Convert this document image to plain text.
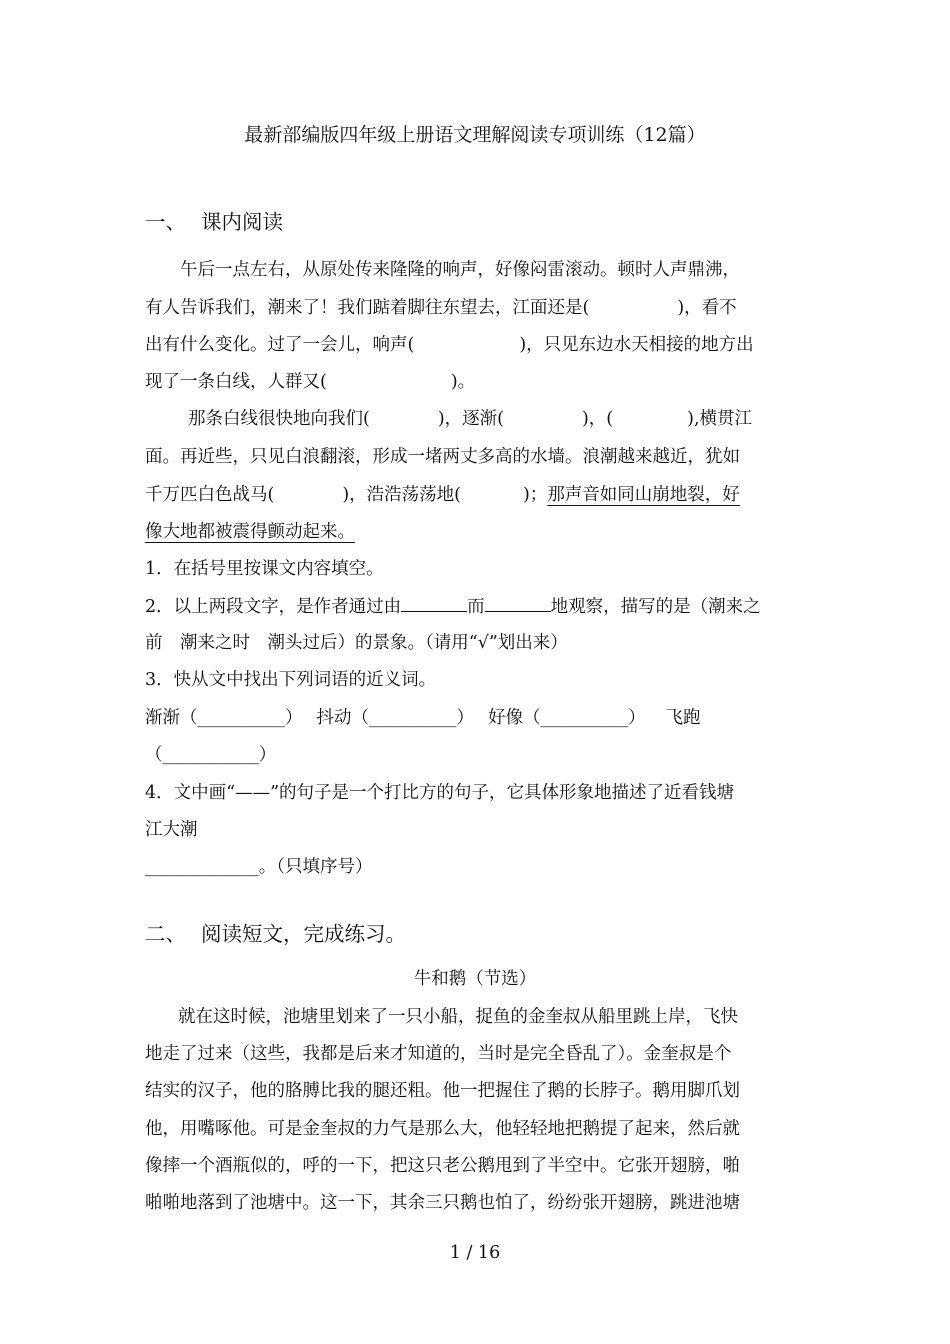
最新部编版四年级上册语文理解阅读专项训练（12篇）
一、 课内阅读
午后一点左右，从原处传来隆隆的响声，好像闷雷滚动。顿时人声鼎沸，
有人告诉我们，潮来了！我们踮着脚往东望去，江面还是(	)，看不
出有什么变化。过了一会儿，响声(	)，只见东边水天相接的地方出
现了一条白线，人群又(	)。
那条白线很快地向我们(	)，逐渐(	)，(	),横贯江
面。再近些，只见白浪翻滚，形成一堵两丈多高的水墙。浪潮越来越近，犹如
千万匹白色战马(	)，浩浩荡荡地(	)；那声音如同山崩地裂，好
像大地都被震得颤动起来。
1．在括号里按课文内容填空。
2．以上两段文字，是作者通过由	而	地观察，描写的是（潮来之
前　潮来之时　潮头过后）的景象。（请用“√”划出来）
3．快从文中找出下列词语的近义词。
渐渐（__________） 抖动（__________） 好像（__________） 飞跑
（___________）
4．文中画“——”的句子是一个打比方的句子，它具体形象地描述了近看钱塘
江大潮
_____________。（只填序号）
二、 阅读短文，完成练习。
牛和鹅（节选）
就在这时候，池塘里划来了一只小船，捉鱼的金奎叔从船里跳上岸，飞快
地走了过来（这些，我都是后来才知道的，当时是完全昏乱了）。金奎叔是个
结实的汉子，他的胳膊比我的腿还粗。他一把握住了鹅的长脖子。鹅用脚爪划
他，用嘴啄他。可是金奎叔的力气是那么大，他轻轻地把鹅提了起来，然后就
像摔一个酒瓶似的，呼的一下，把这只老公鹅甩到了半空中。它张开翅膀，啪
啪啪地落到了池塘中。这一下，其余三只鹅也怕了，纷纷张开翅膀，跳进池塘
1 / 16
